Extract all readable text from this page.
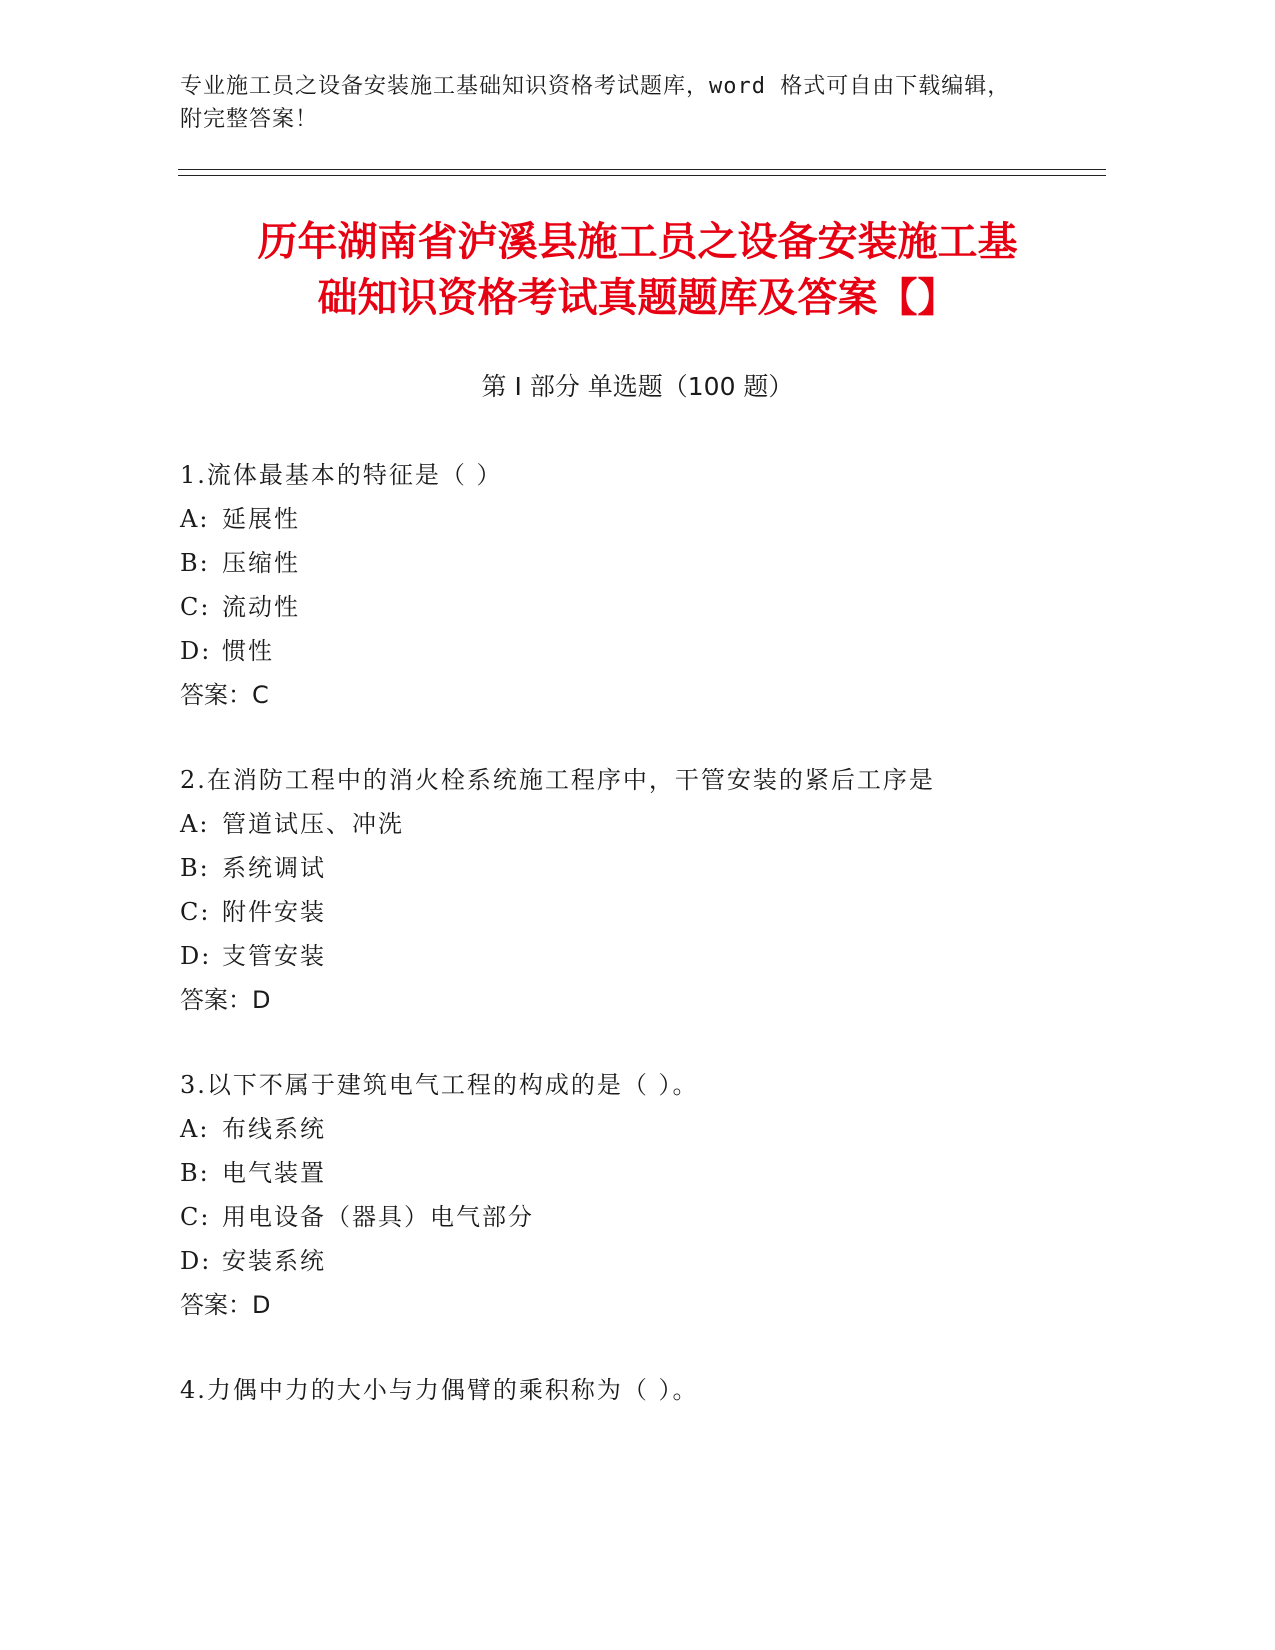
专业施工员之设备安装施工基础知识资格考试题库，word 格式可自由下载编辑，
附完整答案！
历年湖南省泸溪县施工员之设备安装施工基
础知识资格考试真题题库及答案【】
第 I 部分 单选题（100 题）
1.流体最基本的特征是（ ）
A: 延展性
B: 压缩性
C: 流动性
D: 惯性
答案：C
2.在消防工程中的消火栓系统施工程序中，干管安装的紧后工序是
A: 管道试压、冲洗
B: 系统调试
C: 附件安装
D: 支管安装
答案：D
3.以下不属于建筑电气工程的构成的是（ ）。
A: 布线系统
B: 电气装置
C: 用电设备（器具）电气部分
D: 安装系统
答案：D
4.力偶中力的大小与力偶臂的乘积称为（ ）。
